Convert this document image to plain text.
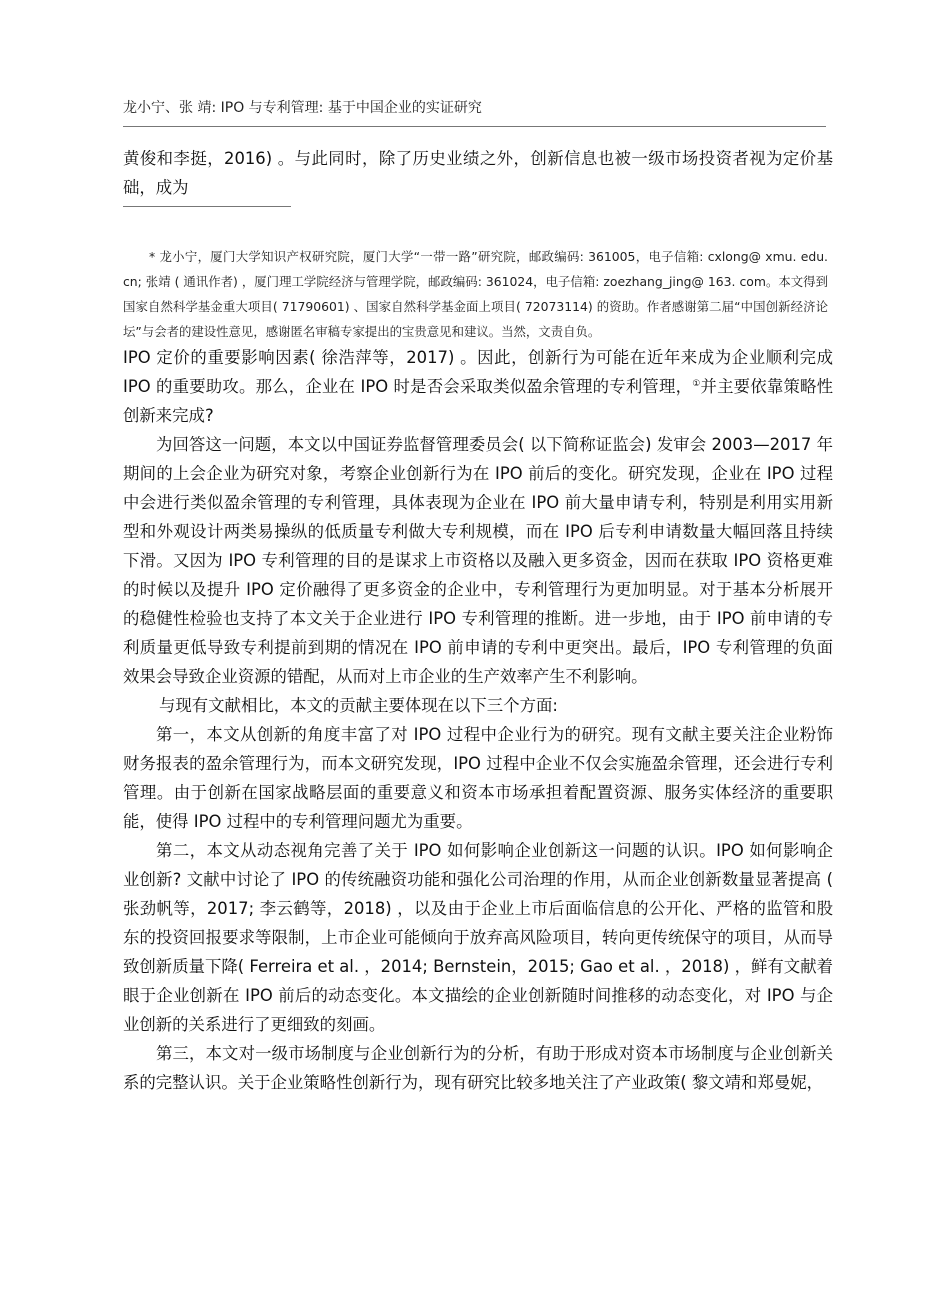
龙小宁、张 靖: IPO 与专利管理: 基于中国企业的实证研究

黄俊和李挺，2016) 。与此同时，除了历史业绩之外，创新信息也被一级市场投资者视为定价基础，成为

* 龙小宁，厦门大学知识产权研究院，厦门大学“一带一路”研究院，邮政编码: 361005，电子信箱: cxlong@ xmu. edu. cn; 张靖 ( 通讯作者) ，厦门理工学院经济与管理学院，邮政编码: 361024，电子信箱: zoezhang_jing@ 163. com。本文得到国家自然科学基金重大项目( 71790601) 、国家自然科学基金面上项目( 72073114) 的资助。作者感谢第二届“中国创新经济论坛”与会者的建设性意见，感谢匿名审稿专家提出的宝贵意见和建议。当然，文责自负。

IPO 定价的重要影响因素( 徐浩萍等，2017) 。因此，创新行为可能在近年来成为企业顺利完成 IPO 的重要助攻。那么，企业在 IPO 时是否会采取类似盈余管理的专利管理，①并主要依靠策略性创新来完成?

为回答这一问题，本文以中国证券监督管理委员会( 以下简称证监会) 发审会 2003—2017 年期间的上会企业为研究对象，考察企业创新行为在 IPO 前后的变化。研究发现，企业在 IPO 过程中会进行类似盈余管理的专利管理，具体表现为企业在 IPO 前大量申请专利，特别是利用实用新型和外观设计两类易操纵的低质量专利做大专利规模，而在 IPO 后专利申请数量大幅回落且持续下滑。又因为 IPO 专利管理的目的是谋求上市资格以及融入更多资金，因而在获取 IPO 资格更难的时候以及提升 IPO 定价融得了更多资金的企业中，专利管理行为更加明显。对于基本分析展开的稳健性检验也支持了本文关于企业进行 IPO 专利管理的推断。进一步地，由于 IPO 前申请的专利质量更低导致专利提前到期的情况在 IPO 前申请的专利中更突出。最后，IPO 专利管理的负面效果会导致企业资源的错配，从而对上市企业的生产效率产生不利影响。

与现有文献相比，本文的贡献主要体现在以下三个方面:

第一，本文从创新的角度丰富了对 IPO 过程中企业行为的研究。现有文献主要关注企业粉饰财务报表的盈余管理行为，而本文研究发现，IPO 过程中企业不仅会实施盈余管理，还会进行专利管理。由于创新在国家战略层面的重要意义和资本市场承担着配置资源、服务实体经济的重要职能，使得 IPO 过程中的专利管理问题尤为重要。

第二，本文从动态视角完善了关于 IPO 如何影响企业创新这一问题的认识。IPO 如何影响企业创新? 文献中讨论了 IPO 的传统融资功能和强化公司治理的作用，从而企业创新数量显著提高 ( 张劲帆等，2017; 李云鹤等，2018) ，以及由于企业上市后面临信息的公开化、严格的监管和股东的投资回报要求等限制，上市企业可能倾向于放弃高风险项目，转向更传统保守的项目，从而导致创新质量下降( Ferreira et al. ，2014; Bernstein，2015; Gao et al. ，2018) ，鲜有文献着眼于企业创新在 IPO 前后的动态变化。本文描绘的企业创新随时间推移的动态变化，对 IPO 与企业创新的关系进行了更细致的刻画。

第三，本文对一级市场制度与企业创新行为的分析，有助于形成对资本市场制度与企业创新关系的完整认识。关于企业策略性创新行为，现有研究比较多地关注了产业政策( 黎文靖和郑曼妮，
